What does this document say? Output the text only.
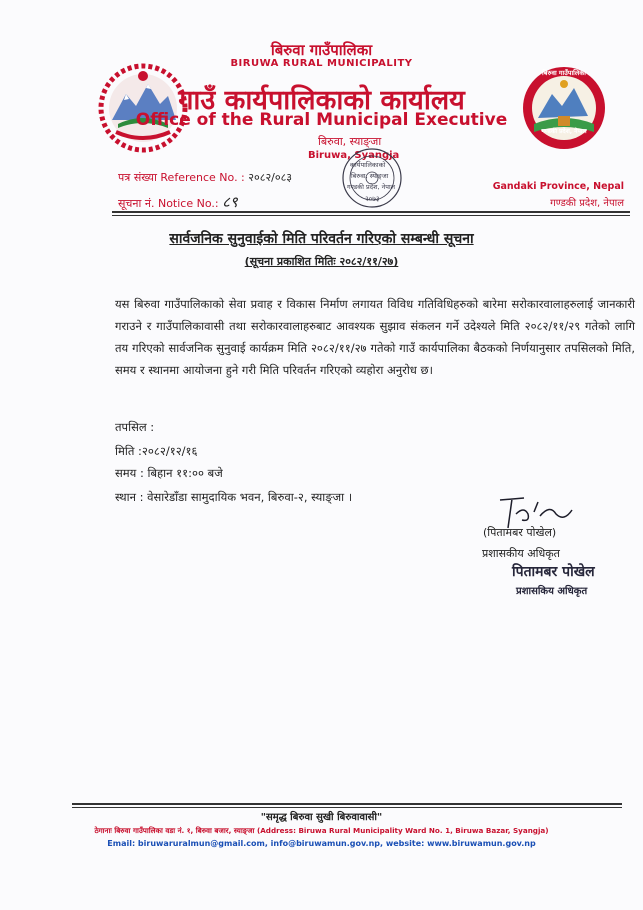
बिरुवा गाउँपालिका
गण्डकी प्रदेश, नेपाल
बिरुवा गाउँपालिका
BIRUWA RURAL MUNICIPALITY
गाउँ कार्यपालिकाको कार्यालय
Office of the Rural Municipal Executive
बिरुवा, स्याङ्जा
Biruwa, Syangja
कार्यपालिकाको
बिरुवा, स्याङ्जा
गण्डकी प्रदेश, नेपाल
२०७३
पत्र संख्या Reference No. : २०८२/०८३
सूचना नं. Notice No.: ८९
Gandaki Province, Nepal
गण्डकी प्रदेश, नेपाल
सार्वजनिक सुनुवाईको मिति परिवर्तन गरिएको सम्बन्धी सूचना
(सूचना प्रकाशित मितिः २०८२/११/२७)
यस बिरुवा गाउँपालिकाको सेवा प्रवाह र विकास निर्माण लगायत विविध गतिविधिहरुको बारेमा सरोकारवालाहरुलाई जानकारी गराउने र गाउँपालिकावासी तथा सरोकारवालाहरुबाट आवश्यक सुझाव संकलन गर्ने उदेश्यले मिति २०८२/११/२९ गतेको लागि तय गरिएको सार्वजनिक सुनुवाई कार्यक्रम मिति २०८२/११/२७ गतेको गाउँ कार्यपालिका बैठकको निर्णयानुसार तपसिलको मिति, समय र स्थानमा आयोजना हुने गरी मिति परिवर्तन गरिएको व्यहोरा अनुरोध छ।
तपसिल :
मिति :२०८२/१२/१६
समय : बिहान ११:०० बजे
स्थान : वेसारेडाँडा सामुदायिक भवन, बिरुवा-२, स्याङ्जा ।
(पितामबर पोखेल)
प्रशासकीय अधिकृत
पितामबर पोखेल
प्रशासकिय अधिकृत
"समृद्ध बिरुवा सुखी बिरुवावासी"
ठेगानाः बिरुवा गाउँपालिका वडा नं. १, बिरुवा बजार, स्याङ्जा (Address: Biruwa Rural Municipality Ward No. 1, Biruwa Bazar, Syangja)
Email: biruwaruralmun@gmail.com, info@biruwamun.gov.np, website: www.biruwamun.gov.np
